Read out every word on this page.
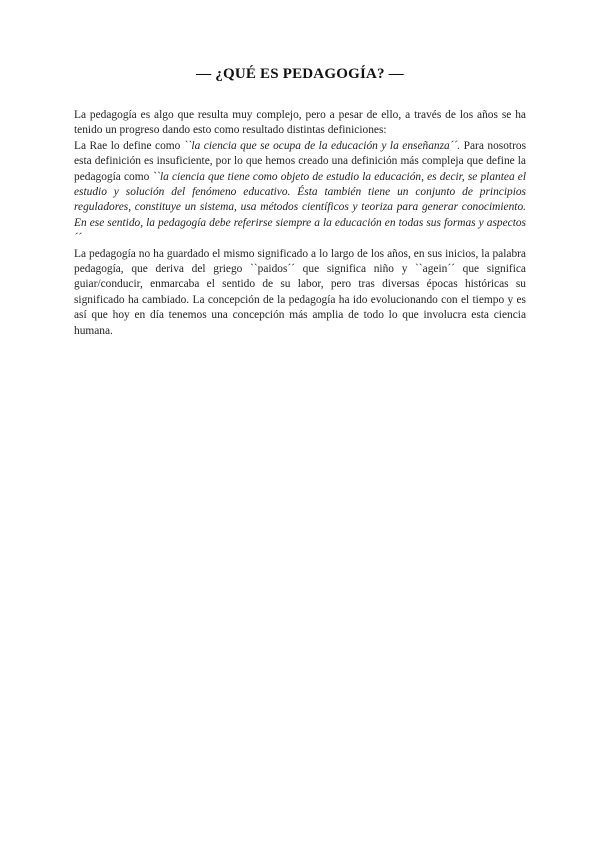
— ¿QUÉ ES PEDAGOGÍA? —

La pedagogía es algo que resulta muy complejo, pero a pesar de ello, a través de los años se ha tenido un progreso dando esto como resultado distintas definiciones:

La Rae lo define como ``la ciencia que se ocupa de la educación y la enseñanza´´. Para nosotros esta definición es insuficiente, por lo que hemos creado una definición más compleja que define la pedagogía como ``la ciencia que tiene como objeto de estudio la educación, es decir, se plantea el estudio y solución del fenómeno educativo. Ésta también tiene un conjunto de principios reguladores, constituye un sistema, usa métodos científicos y teoriza para generar conocimiento. En ese sentido, la pedagogía debe referirse siempre a la educación en todas sus formas y aspectos´´

La pedagogía no ha guardado el mismo significado a lo largo de los años, en sus inicios, la palabra pedagogía, que deriva del griego ``paidos´´ que significa niño y ``agein´´ que significa guiar/conducir, enmarcaba el sentido de su labor, pero tras diversas épocas históricas su significado ha cambiado. La concepción de la pedagogía ha ido evolucionando con el tiempo y es así que hoy en día tenemos una concepción más amplia de todo lo que involucra esta ciencia humana.
